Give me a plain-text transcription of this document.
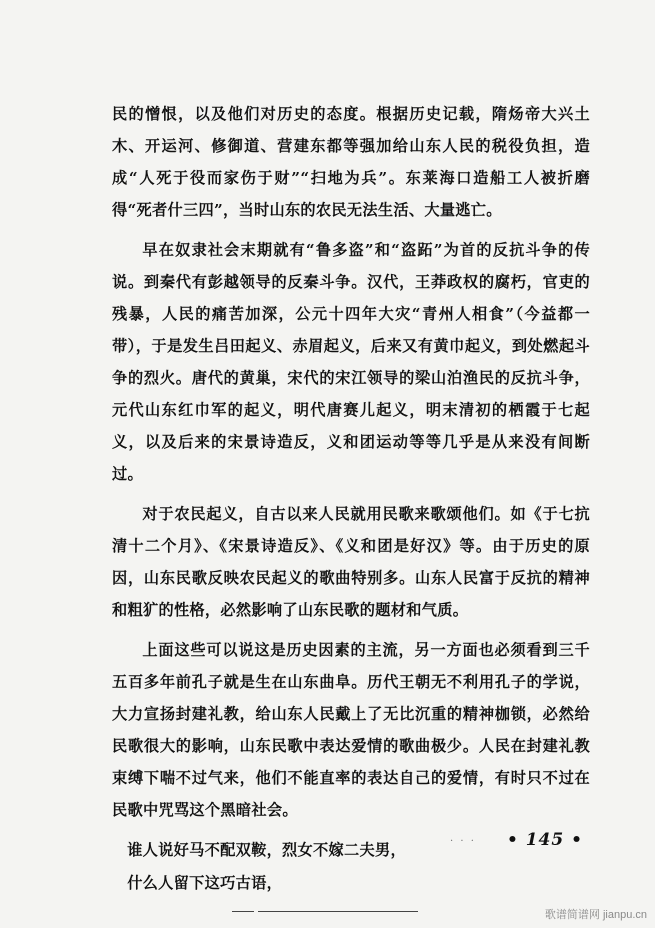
民的憎恨，以及他们对历史的态度。根据历史记载，隋炀帝大兴土木、开运河、修御道、营建东都等强加给山东人民的税役负担，造成“人死于役而家伤于财”“扫地为兵”。东莱海口造船工人被折磨得“死者什三四”，当时山东的农民无法生活、大量逃亡。

早在奴隶社会末期就有“鲁多盗”和“盗跖”为首的反抗斗争的传说。到秦代有彭越领导的反秦斗争。汉代，王莽政权的腐朽，官吏的残暴，人民的痛苦加深，公元十四年大灾“青州人相食”（今益都一带），于是发生吕田起义、赤眉起义，后来又有黄巾起义，到处燃起斗争的烈火。唐代的黄巢，宋代的宋江领导的梁山泊渔民的反抗斗争，元代山东红巾军的起义，明代唐赛儿起义，明末清初的栖霞于七起义，以及后来的宋景诗造反，义和团运动等等几乎是从来没有间断过。

对于农民起义，自古以来人民就用民歌来歌颂他们。如《于七抗清十二个月》、《宋景诗造反》、《义和团是好汉》等。由于历史的原因，山东民歌反映农民起义的歌曲特别多。山东人民富于反抗的精神和粗犷的性格，必然影响了山东民歌的题材和气质。

上面这些可以说这是历史因素的主流，另一方面也必须看到三千五百多年前孔子就是生在山东曲阜。历代王朝无不利用孔子的学说，大力宣扬封建礼教，给山东人民戴上了无比沉重的精神枷锁，必然给民歌很大的影响，山东民歌中表达爱情的歌曲极少。人民在封建礼教束缚下喘不过气来，他们不能直率的表达自己的爱情，有时只不过在民歌中咒骂这个黑暗社会。

谁人说好马不配双鞍，烈女不嫁二夫男，

什么人留下这巧古语，

· · · • 145 •
歌谱简谱网 jianpu.cn
